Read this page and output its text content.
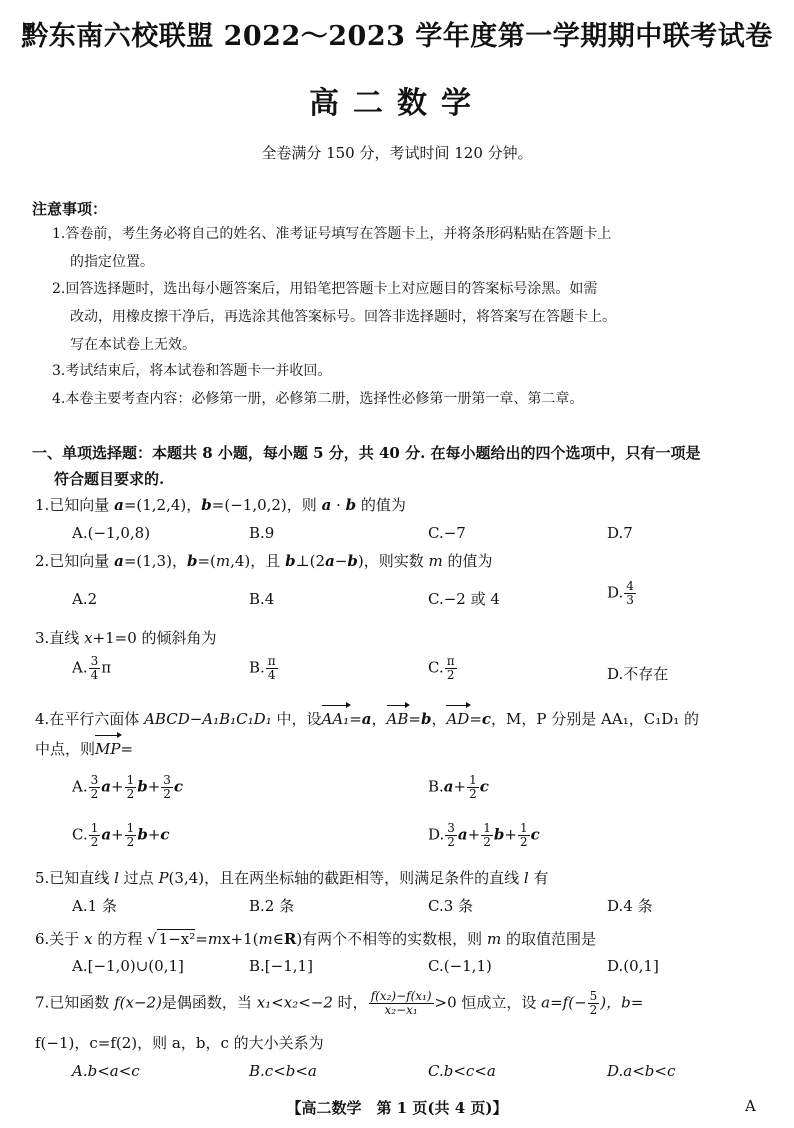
黔东南六校联盟 2022～2023 学年度第一学期期中联考试卷
高二数学
全卷满分 150 分，考试时间 120 分钟。
注意事项：
1.答卷前，考生务必将自己的姓名、准考证号填写在答题卡上，并将条形码粘贴在答题卡上
的指定位置。
2.回答选择题时，选出每小题答案后，用铅笔把答题卡上对应题目的答案标号涂黑。如需
改动，用橡皮擦干净后，再选涂其他答案标号。回答非选择题时，将答案写在答题卡上。
写在本试卷上无效。
3.考试结束后，将本试卷和答题卡一并收回。
4.本卷主要考查内容：必修第一册，必修第二册，选择性必修第一册第一章、第二章。
一、单项选择题：本题共 8 小题，每小题 5 分，共 40 分. 在每小题给出的四个选项中，只有一项是
符合题目要求的.
1.已知向量 a=(1,2,4)，b=(−1,0,2)，则 a · b 的值为
A.(−1,0,8)	B.9	C.−7	D.7
2.已知向量 a=(1,3)，b=(m,4)，且 b⊥(2a−b)，则实数 m 的值为
A.2	B.4	C.−2 或 4	D. $\frac{4}{3}$
3.直线 x+1=0 的倾斜角为
A. $\frac{3}{4}$ π	B. $\frac{\pi}{4}$	C. $\frac{\pi}{2}$	D.不存在
4.在平行六面体 ABCD−A₁B₁C₁D₁ 中，设AA₁=a，AB=b，AD=c，M，P 分别是 AA₁，C₁D₁ 的
中点，则MP=
A. $\frac{3}{2} a+ \frac{1}{2} b+ \frac{3}{2}$ c	$B.a+ \frac{1}{2}$ c
C. $\frac{1}{2} a+ \frac{1}{2} b+c$	D. $\frac{3}{2} a+ \frac{1}{2} b+ \frac{1}{2}$ c
5.已知直线 l 过点 P(3,4)，且在两坐标轴的截距相等，则满足条件的直线 l 有
A.1 条	B.2 条	C.3 条	D.4 条
6.关于 x 的方程 √ 1−x²=mx+1(m∈R)有两个不相等的实数根，则 m 的取值范围是
A.[−1,0)∪(0,1]	B.[−1,1]	C.(−1,1)	D.(0,1]
7.已知函数 f(x−2)是偶函数，当 x₁<x₂<−2 时， $\frac{\text{f(x₂)−f(x₁)}}{\text{x₂−x₁}} >0$ 恒成立，设 $a=f(- \frac{5}{2}$ )，b=
f(−1)，c=f(2)，则 a，b，c 的大小关系为
A.b<a<c	B.c<b<a	C.b<c<a	D.a<b<c
【高二数学　第 1 页(共 4 页)】	A
